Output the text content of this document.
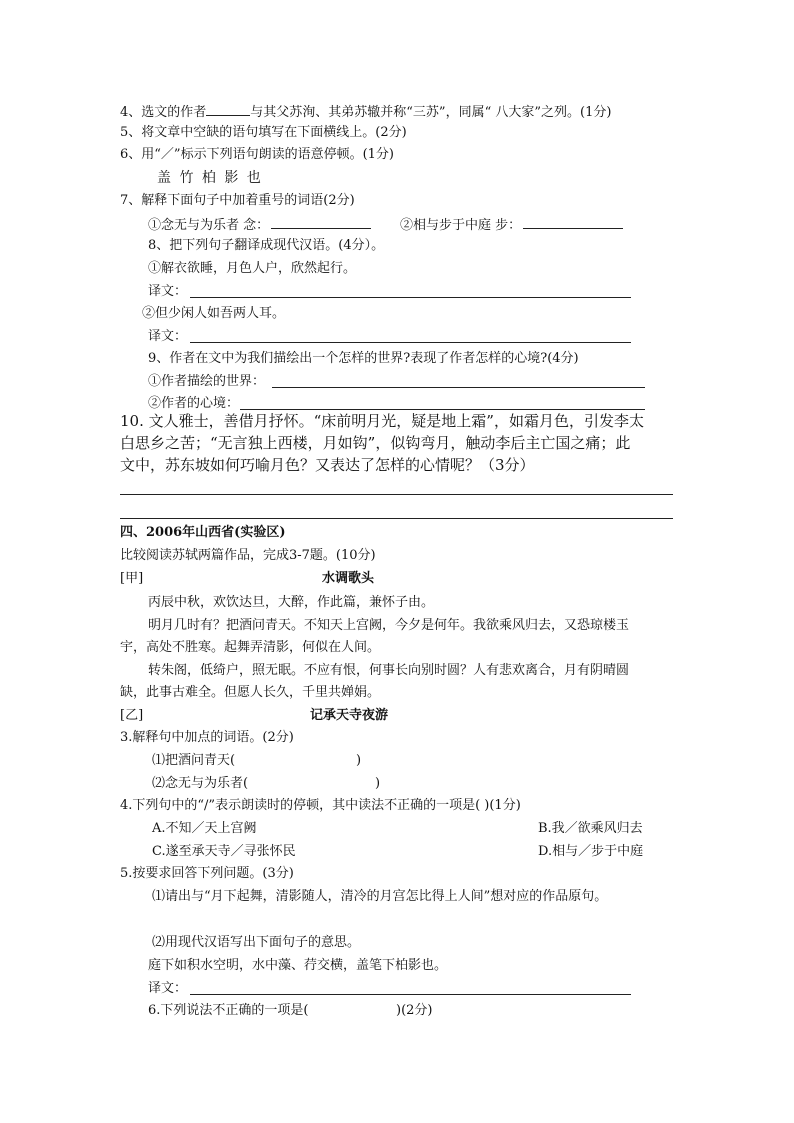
4、选文的作者	与其父苏洵、其弟苏辙并称“三苏”，同属“ 八大家”之列。(1分)
5、将文章中空缺的语句填写在下面横线上。(2分)
6、用“／”标示下列语句朗读的语意停顿。(1分)
盖 竹 柏 影 也
7、解释下面句子中加着重号的词语(2分)
①念无与为乐者 念：	②相与步于中庭 步：
8、把下列句子翻译成现代汉语。(4分）。
①解衣欲睡，月色人户，欣然起行。
译文：
②但少闲人如吾两人耳。
译文：
9、作者在文中为我们描绘出一个怎样的世界?表现了作者怎样的心境?(4分)
①作者描绘的世界：
②作者的心境：
10. 文人雅士，善借月抒怀。“床前明月光，疑是地上霜”，如霜月色，引发李太
白思乡之苦；“无言独上西楼，月如钩”，似钩弯月，触动李后主亡国之痛；此
文中，苏东坡如何巧喻月色？又表达了怎样的心情呢？（3分）
四、2006年山西省(实验区)
比较阅读苏轼两篇作品，完成3-7题。(10分)
[甲]	水调歌头
丙辰中秋，欢饮达旦，大醉，作此篇，兼怀子由。
明月几时有？把酒问青天。不知天上宫阙，今夕是何年。我欲乘风归去，又恐琼楼玉
宇，高处不胜寒。起舞弄清影，何似在人间。
转朱阁，低绮户，照无眠。不应有恨，何事长向别时圆？人有悲欢离合，月有阴晴圆
缺，此事古难全。但愿人长久，千里共婵娟。
[乙]	记承天寺夜游
3.解释句中加点的词语。(2分)
⑴把酒问青天(	)
⑵念无与为乐者(	)
4.下列句中的“/”表示朗读时的停顿，其中读法不正确的一项是( )(1分)
A.不知／天上宫阙	B.我／欲乘风归去
C.遂至承天寺／寻张怀民	D.相与／步于中庭
5.按要求回答下列问题。(3分)
⑴请出与“月下起舞，清影随人，清冷的月宫怎比得上人间”想对应的作品原句。
⑵用现代汉语写出下面句子的意思。
庭下如积水空明，水中藻、荇交横，盖笔下柏影也。
译文：
6.下列说法不正确的一项是(	)(2分)
